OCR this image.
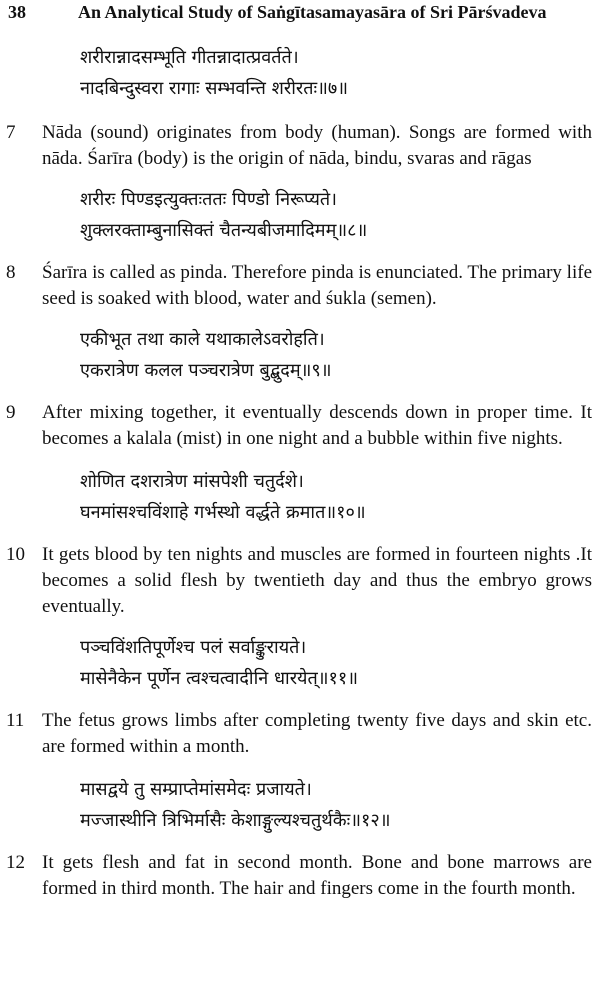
38	An Analytical Study of Saṅgītasamayasāra of Sri Pārśvadeva
शरीरान्नादसम्भूति गीतन्नादात्प्रवर्तते।
नादबिन्दुस्वरा रागाः सम्भवन्ति शरीरतः॥७॥
7	Nāda (sound) originates from body (human). Songs are formed with nāda. Śarīra (body) is the origin of nāda, bindu, svaras and rāgas
शरीरः पिण्डइत्युक्तःततः पिण्डो निरूप्यते।
शुक्लरक्ताम्बुनासिक्तं चैतन्यबीजमादिमम्॥८॥
8	Śarīra is called as pinda. Therefore pinda is enunciated. The primary life seed is soaked with blood, water and śukla (semen).
एकीभूत तथा काले यथाकालेऽवरोहति।
एकरात्रेण कलल पञ्चरात्रेण बुद्बुदम्॥९॥
9	After mixing together, it eventually descends down in proper time. It becomes a kalala (mist) in one night and a bubble within five nights.
शोणित दशरात्रेण मांसपेशी चतुर्दशे।
घनमांसश्चविंशाहे गर्भस्थो वर्द्धते क्रमात॥१०॥
10 It gets blood by ten nights and muscles are formed in fourteen nights .It becomes a solid flesh by twentieth day and thus the embryo grows eventually.
पञ्चविंशतिपूर्णेश्च पलं सर्वाङ्कुरायते।
मासेनैकेन पूर्णेन त्वश्चत्वादीनि धारयेत्॥११॥
11 The fetus grows limbs after completing twenty five days and skin etc. are formed within a month.
मासद्वये तु सम्प्राप्तेमांसमेदः प्रजायते।
मज्जास्थीनि त्रिभिर्मासैः केशाङ्गुल्यश्चतुर्थकैः॥१२॥
12 It gets flesh and fat in second month. Bone and bone marrows are formed in third month. The hair and fingers come in the fourth month.
